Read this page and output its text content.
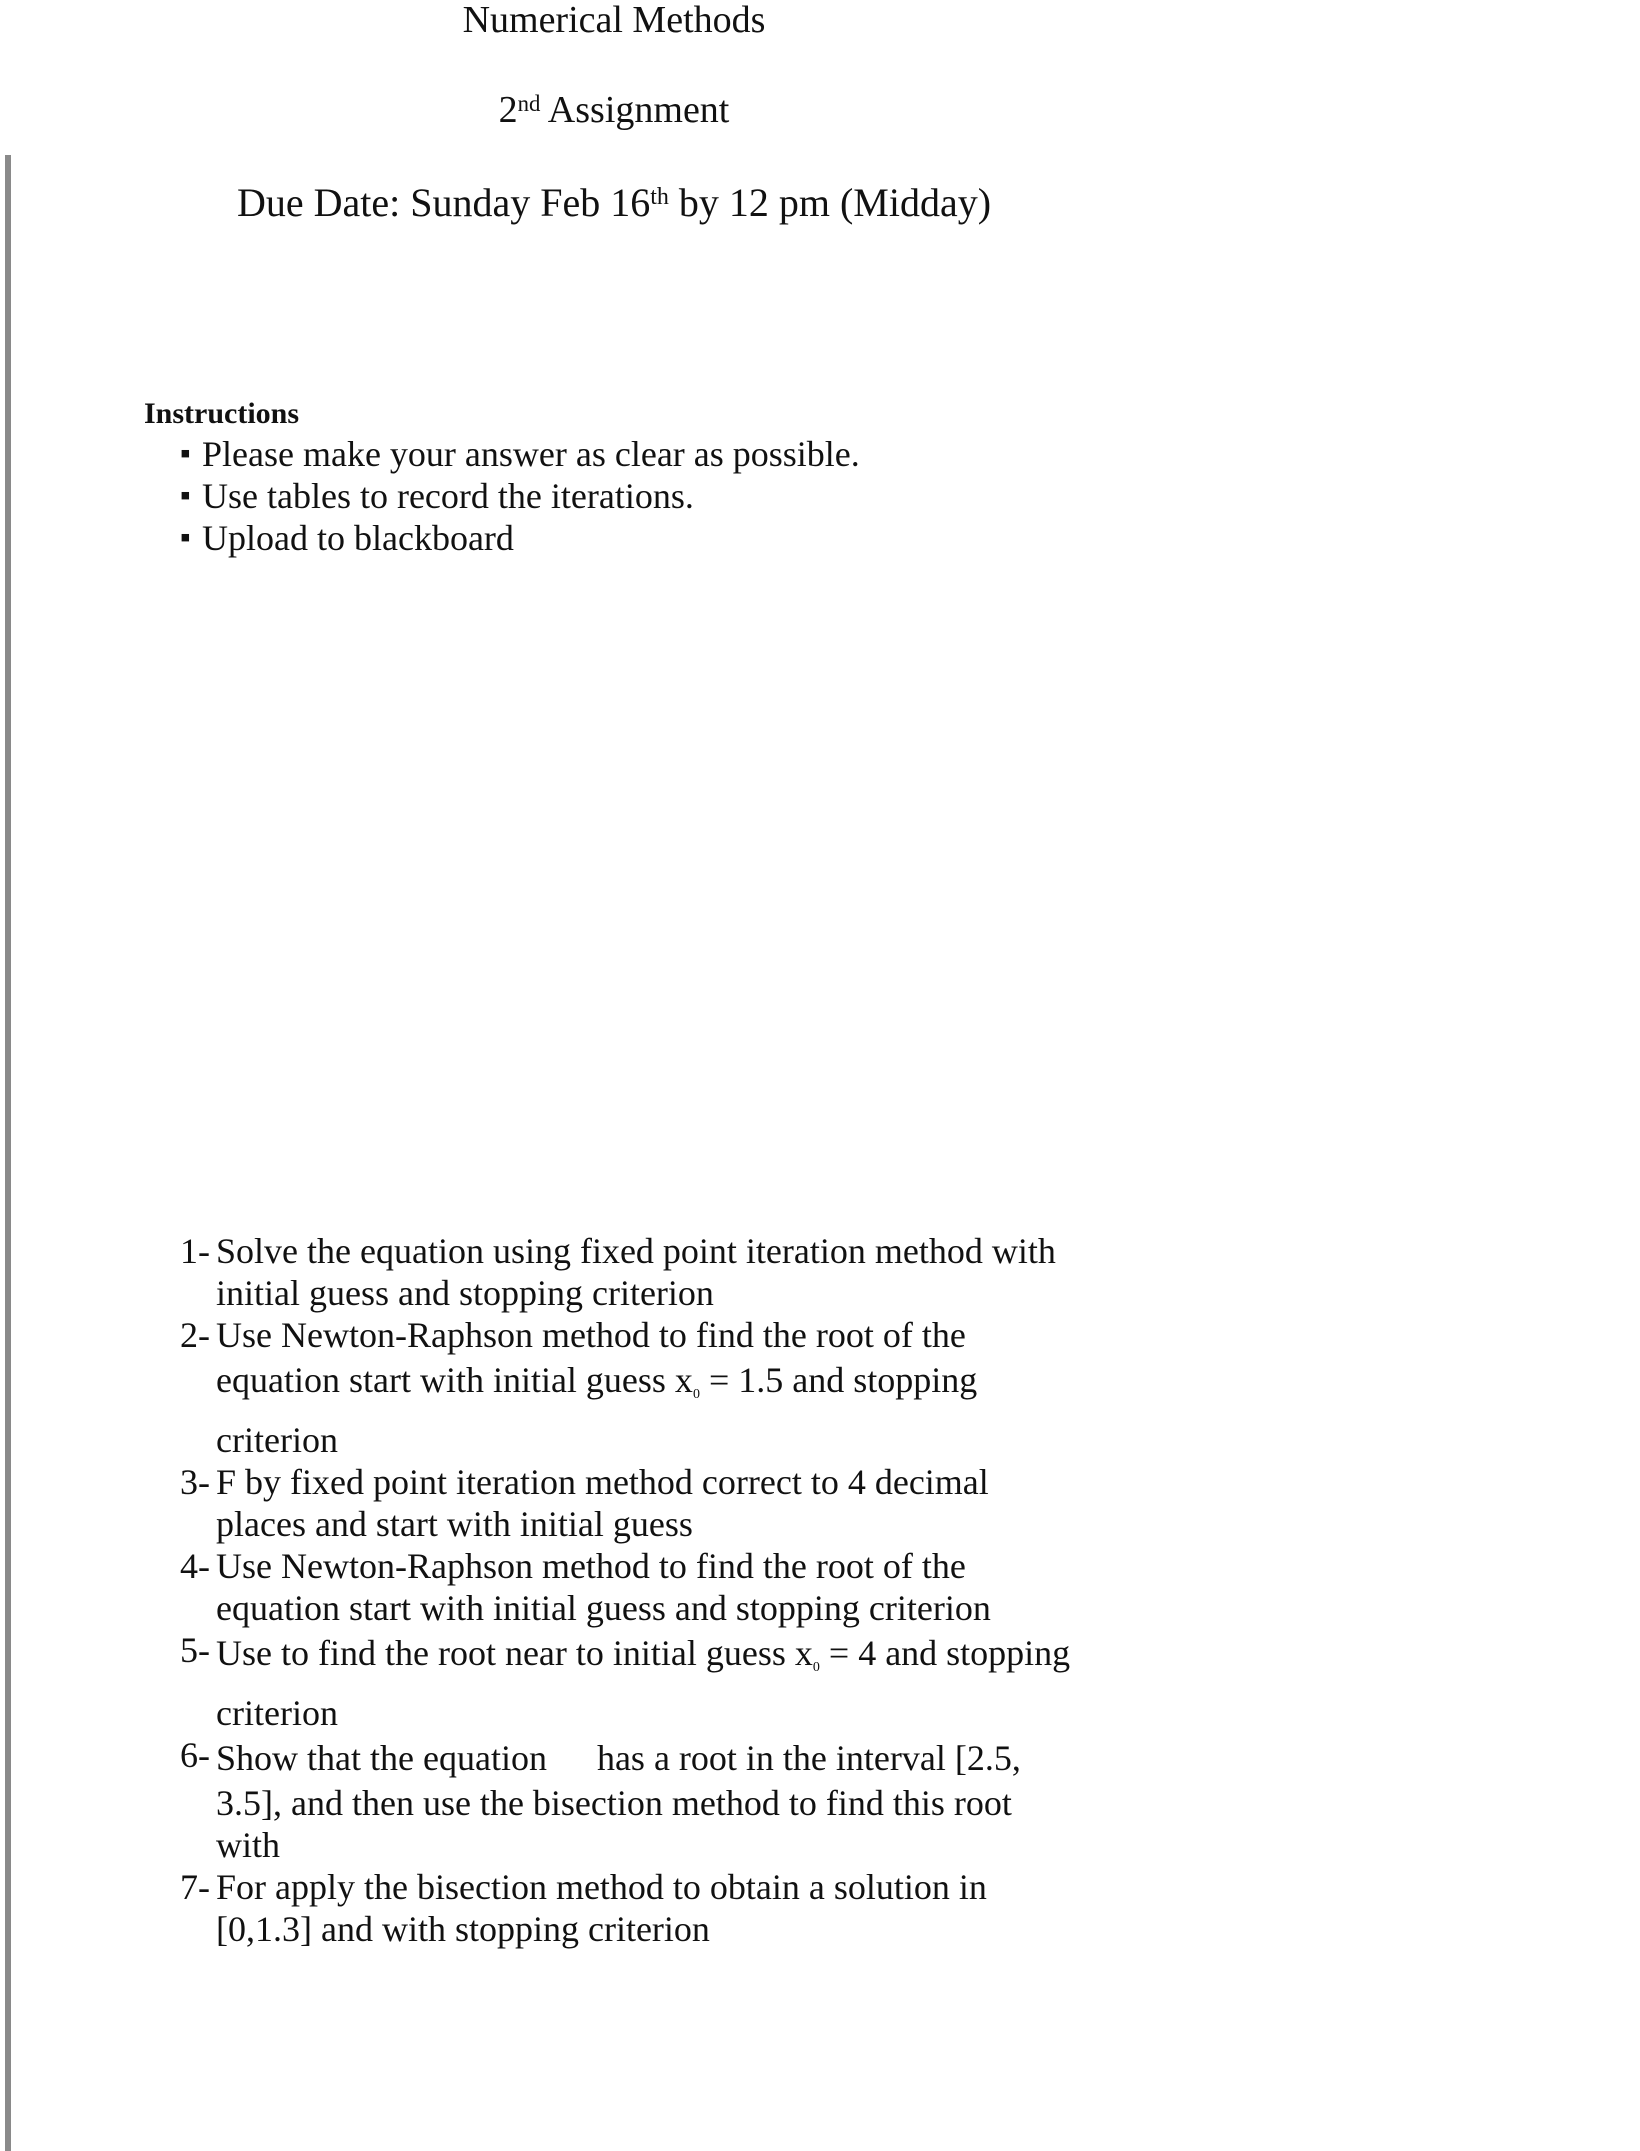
Numerical Methods
2nd Assignment
Due Date: Sunday Feb 16th by 12 pm (Midday)
Instructions
▪ Please make your answer as clear as possible.
▪ Use tables to record the iterations.
▪ Upload to blackboard
1- Solve the equation using fixed point iteration method with
initial guess and stopping criterion
2- Use Newton-Raphson method to find the root of the
equation start with initial guess x0 = 1.5 and stopping
criterion
3- F by fixed point iteration method correct to 4 decimal
places and start with initial guess
4- Use Newton-Raphson method to find the root of the
equation start with initial guess and stopping criterion
5- Use to find the root near to initial guess x0 = 4 and stopping
criterion
6- Show that the equation has a root in the interval [2.5,
3.5], and then use the bisection method to find this root
with
7- For apply the bisection method to obtain a solution in
[0,1.3] and with stopping criterion
